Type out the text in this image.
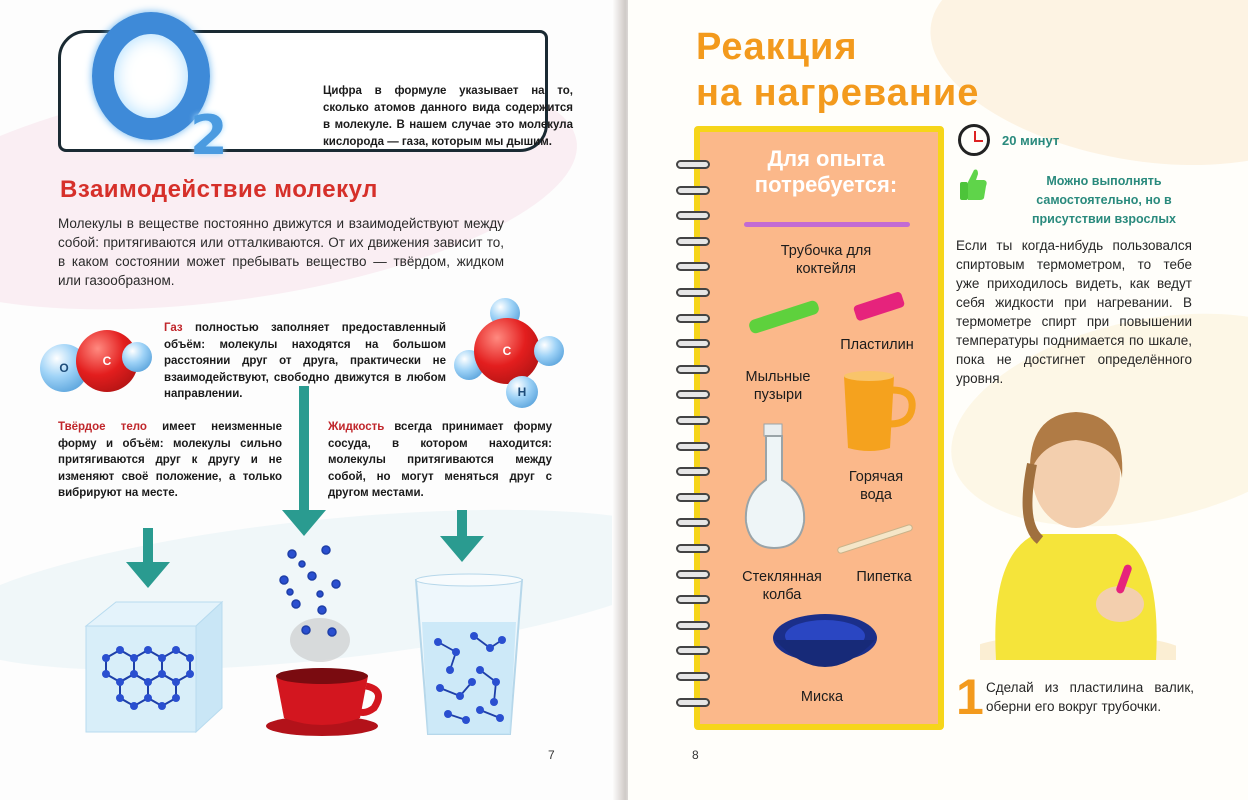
Цифра в формуле указывает на то, сколько атомов данного вида содержится в молекуле. В нашем случае это молекула кислорода — газа, которым мы дышим.
2
Взаимодействие молекул

Молекулы в веществе постоянно движутся и взаимодействуют между собой: притягиваются или отталкиваются. От их движения зависит то, в каком состоянии может пребывать вещество — твёрдом, жидком или газообразном.

O	C
C
H
Газ полностью заполняет предоставленный объём: молекулы находятся на большом расстоянии друг от друга, практически не взаимодействуют, свободно движутся в любом направлении.
Твёрдое тело имеет неизменные форму и объём: молекулы сильно притягиваются друг к другу и не изменяют своё положение, а только вибрируют на месте.
Жидкость всегда принимает форму сосуда, в котором находится: молекулы притягиваются между собой, но могут меняться друг с другом местами.
7
Реакция
на нагревание
Для опыта потребуется:
Трубочка для коктейля
Пластилин
Мыльные пузыри
Горячая вода
Пипетка
Стеклянная колба
Миска
20 минут
Можно выполнять самостоятельно, но в присутствии взрослых

Если ты когда-нибудь пользовался спиртовым термометром, то тебе уже приходилось видеть, как ведут себя жидкости при нагревании. В термометре спирт при повышении температуры поднимается по шкале, пока не достигнет определённого уровня.

1 Сделай из пластилина валик, оберни его вокруг трубочки.

8
